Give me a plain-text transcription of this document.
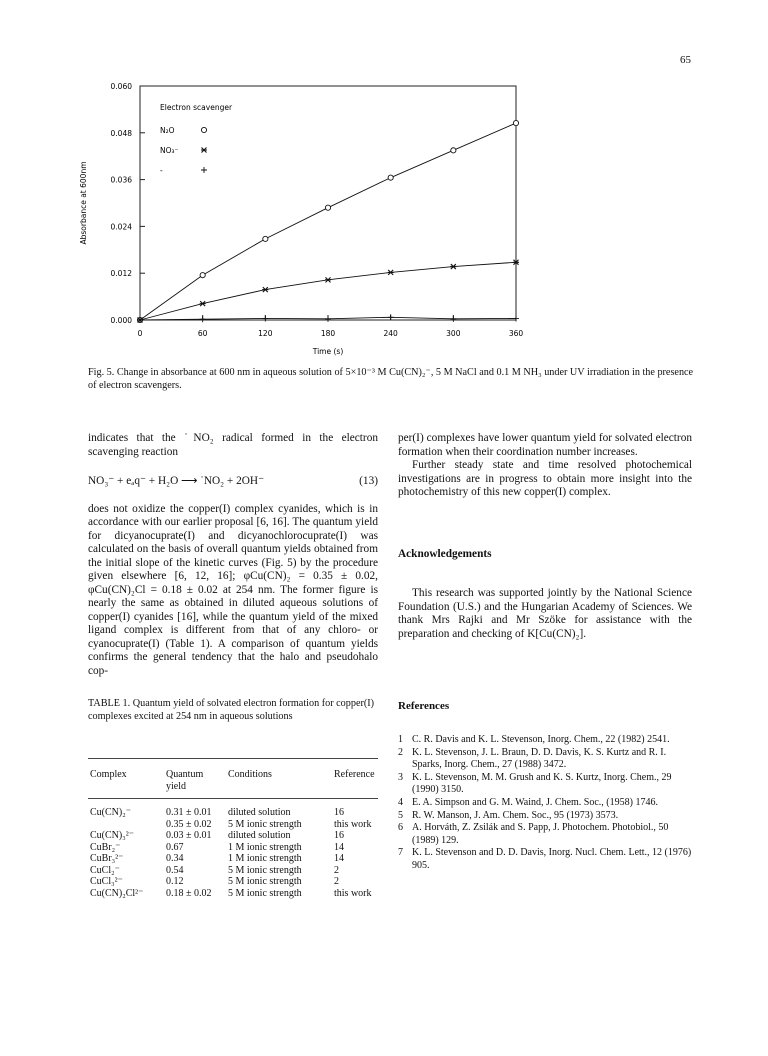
65
0	60	120	180	240	300	360
0.000
0.012
0.024
0.036
0.048
0.060
Time (s)
Absorbance at 600nm
Electron scavenger
N₂O
NO₃⁻
-
Fig. 5. Change in absorbance at 600 nm in aqueous solution of 5×10⁻³ M Cu(CN)₂⁻, 5 M NaCl and 0.1 M NH₃ under UV irradiation in the presence of electron scavengers.

indicates that the ˙NO₂ radical formed in the electron scavenging reaction

NO₃⁻ + eₐq⁻ + H₂O ⟶ ˙NO₂ + 2OH⁻	(13)

does not oxidize the copper(I) complex cyanides, which is in accordance with our earlier proposal [6, 16]. The quantum yield for dicyanocuprate(I) and dicyanochlorocuprate(I) was calculated on the basis of overall quantum yields obtained from the initial slope of the kinetic curves (Fig. 5) by the procedure given elsewhere [6, 12, 16]; φCu(CN)₂ = 0.35 ± 0.02, φCu(CN)₂Cl = 0.18 ± 0.02 at 254 nm. The former figure is nearly the same as obtained in diluted aqueous solutions of copper(I) cyanides [16], while the quantum yield of the mixed ligand complex is different from that of any chloro- or cyanocuprate(I) (Table 1). A comparison of quantum yields confirms the general tendency that the halo and pseudohalo cop-

per(I) complexes have lower quantum yield for solvated electron formation when their coordination number increases.

Further steady state and time resolved photochemical investigations are in progress to obtain more insight into the photochemistry of this new copper(I) complex.

Acknowledgements

This research was supported jointly by the National Science Foundation (U.S.) and the Hungarian Academy of Sciences. We thank Mrs Rajki and Mr Szöke for assistance with the preparation and checking of K[Cu(CN)₂].

TABLE 1. Quantum yield of solvated electron formation for copper(I) complexes excited at 254 nm in aqueous solutions
Complex	Quantum yield	Conditions	Reference
Cu(CN)₂⁻	0.31 ± 0.01	diluted solution	16
	0.35 ± 0.02	5 M ionic strength	this work
Cu(CN)₃²⁻	0.03 ± 0.01	diluted solution	16
CuBr₂⁻	0.67	1 M ionic strength	14
CuBr₃²⁻	0.34	1 M ionic strength	14
CuCl₂⁻	0.54	5 M ionic strength	2
CuCl₃²⁻	0.12	5 M ionic strength	2
Cu(CN)₂Cl²⁻	0.18 ± 0.02	5 M ionic strength	this work
References
1 C. R. Davis and K. L. Stevenson, Inorg. Chem., 22 (1982) 2541.
2 K. L. Stevenson, J. L. Braun, D. D. Davis, K. S. Kurtz and R. I. Sparks, Inorg. Chem., 27 (1988) 3472.
3 K. L. Stevenson, M. M. Grush and K. S. Kurtz, Inorg. Chem., 29 (1990) 3150.
4 E. A. Simpson and G. M. Waind, J. Chem. Soc., (1958) 1746.
5 R. W. Manson, J. Am. Chem. Soc., 95 (1973) 3573.
6 A. Horváth, Z. Zsilák and S. Papp, J. Photochem. Photobiol., 50 (1989) 129.
7 K. L. Stevenson and D. D. Davis, Inorg. Nucl. Chem. Lett., 12 (1976) 905.
